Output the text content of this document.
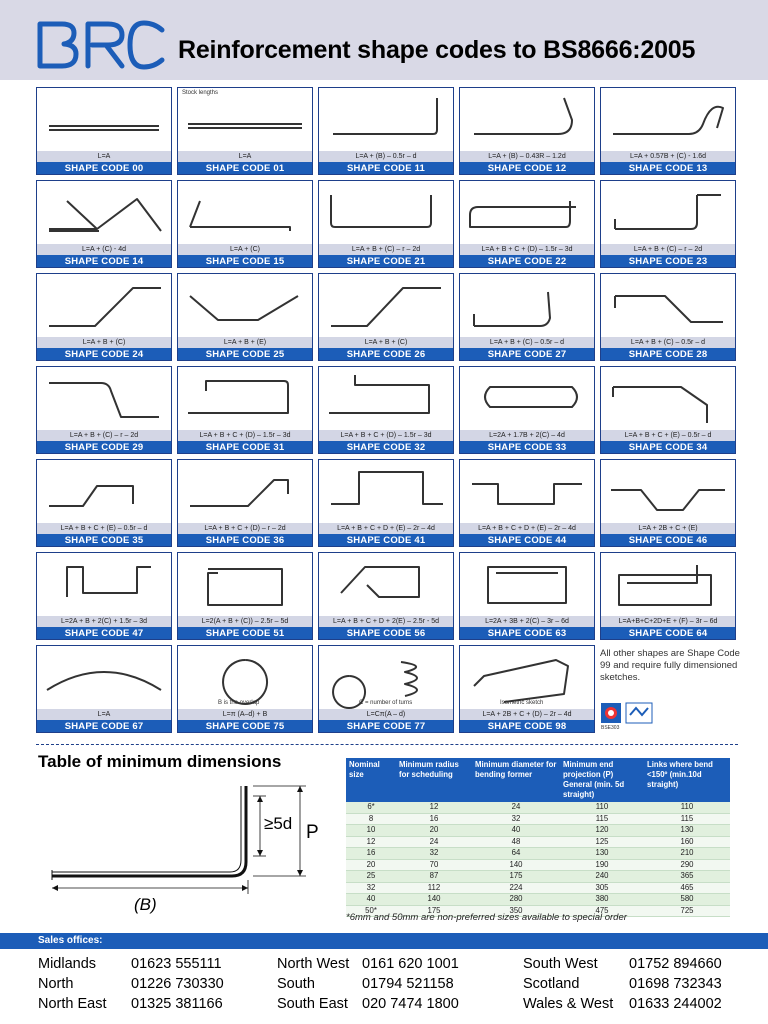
Reinforcement shape codes to BS8666:2005
L=A
SHAPE CODE 00
Stock lengths
L=A
SHAPE CODE 01
L=A + (B) – 0.5r – d
SHAPE CODE 11
L=A + (B) – 0.43R – 1.2d
SHAPE CODE 12
L=A + 0.57B + (C) - 1.6d
SHAPE CODE 13
L=A + (C) - 4d
SHAPE CODE 14
L=A + (C)
SHAPE CODE 15
L=A + B + (C) – r – 2d
SHAPE CODE 21
L=A + B + C + (D) – 1.5r – 3d
SHAPE CODE 22
L=A + B + (C) – r – 2d
SHAPE CODE 23
L=A + B + (C)
SHAPE CODE 24
L=A + B + (E)
SHAPE CODE 25
L=A + B + (C)
SHAPE CODE 26
L=A + B + (C) – 0.5r – d
SHAPE CODE 27
L=A + B + (C) – 0.5r – d
SHAPE CODE 28
L=A + B + (C) – r – 2d
SHAPE CODE 29
L=A + B + C + (D) – 1.5r – 3d
SHAPE CODE 31
L=A + B + C + (D) – 1.5r – 3d
SHAPE CODE 32
L=2A + 1.7B + 2(C) – 4d
SHAPE CODE 33
L=A + B + C + (E) – 0.5r – d
SHAPE CODE 34
L=A + B + C + (E) – 0.5r – d
SHAPE CODE 35
L=A + B + C + (D) – r – 2d
SHAPE CODE 36
L=A + B + C + D + (E) – 2r – 4d
SHAPE CODE 41
L=A + B + C + D + (E) – 2r – 4d
SHAPE CODE 44
L=A + 2B + C + (E)
SHAPE CODE 46
L=2A + B + 2(C) + 1.5r – 3d
SHAPE CODE 47
L=2(A + B + (C)) – 2.5r – 5d
SHAPE CODE 51
L=A + B + C + D + 2(E) – 2.5r - 5d
SHAPE CODE 56
L=2A + 3B + 2(C) – 3r – 6d
SHAPE CODE 63
L=A+B+C+2D+E + (F) – 3r – 6d
SHAPE CODE 64
L=A
SHAPE CODE 67
B is the overlap
L=π (A–d) + B
SHAPE CODE 75
C = number of turns
L=Cπ(A – d)
SHAPE CODE 77
Isometric sketch
L=A + 2B + C + (D) – 2r – 4d
SHAPE CODE 98
All other shapes are Shape Code 99 and require fully dimensioned sketches.
BSE303
Table of minimum dimensions
≥5d P
(B)
Nominal size	Minimum radius for scheduling	Minimum diameter for bending former	Minimum end projection (P) General (min. 5d straight)	Links where bend <150º (min.10d straight)
6*	12	24	110	110
8	16	32	115	115
10	20	40	120	130
12	24	48	125	160
16	32	64	130	210
20	70	140	190	290
25	87	175	240	365
32	112	224	305	465
40	140	280	380	580
50*	175	350	475	725
*6mm and 50mm are non-preferred sizes available to special order
Sales offices:
Midlands 01623 555111
North	01226 730330
North East 01325 381166
North West 0161 620 1001
South	01794 521158
South East 020 7474 1800
South West 01752 894660
Scotland	01698 732343
Wales & West 01633 244002
